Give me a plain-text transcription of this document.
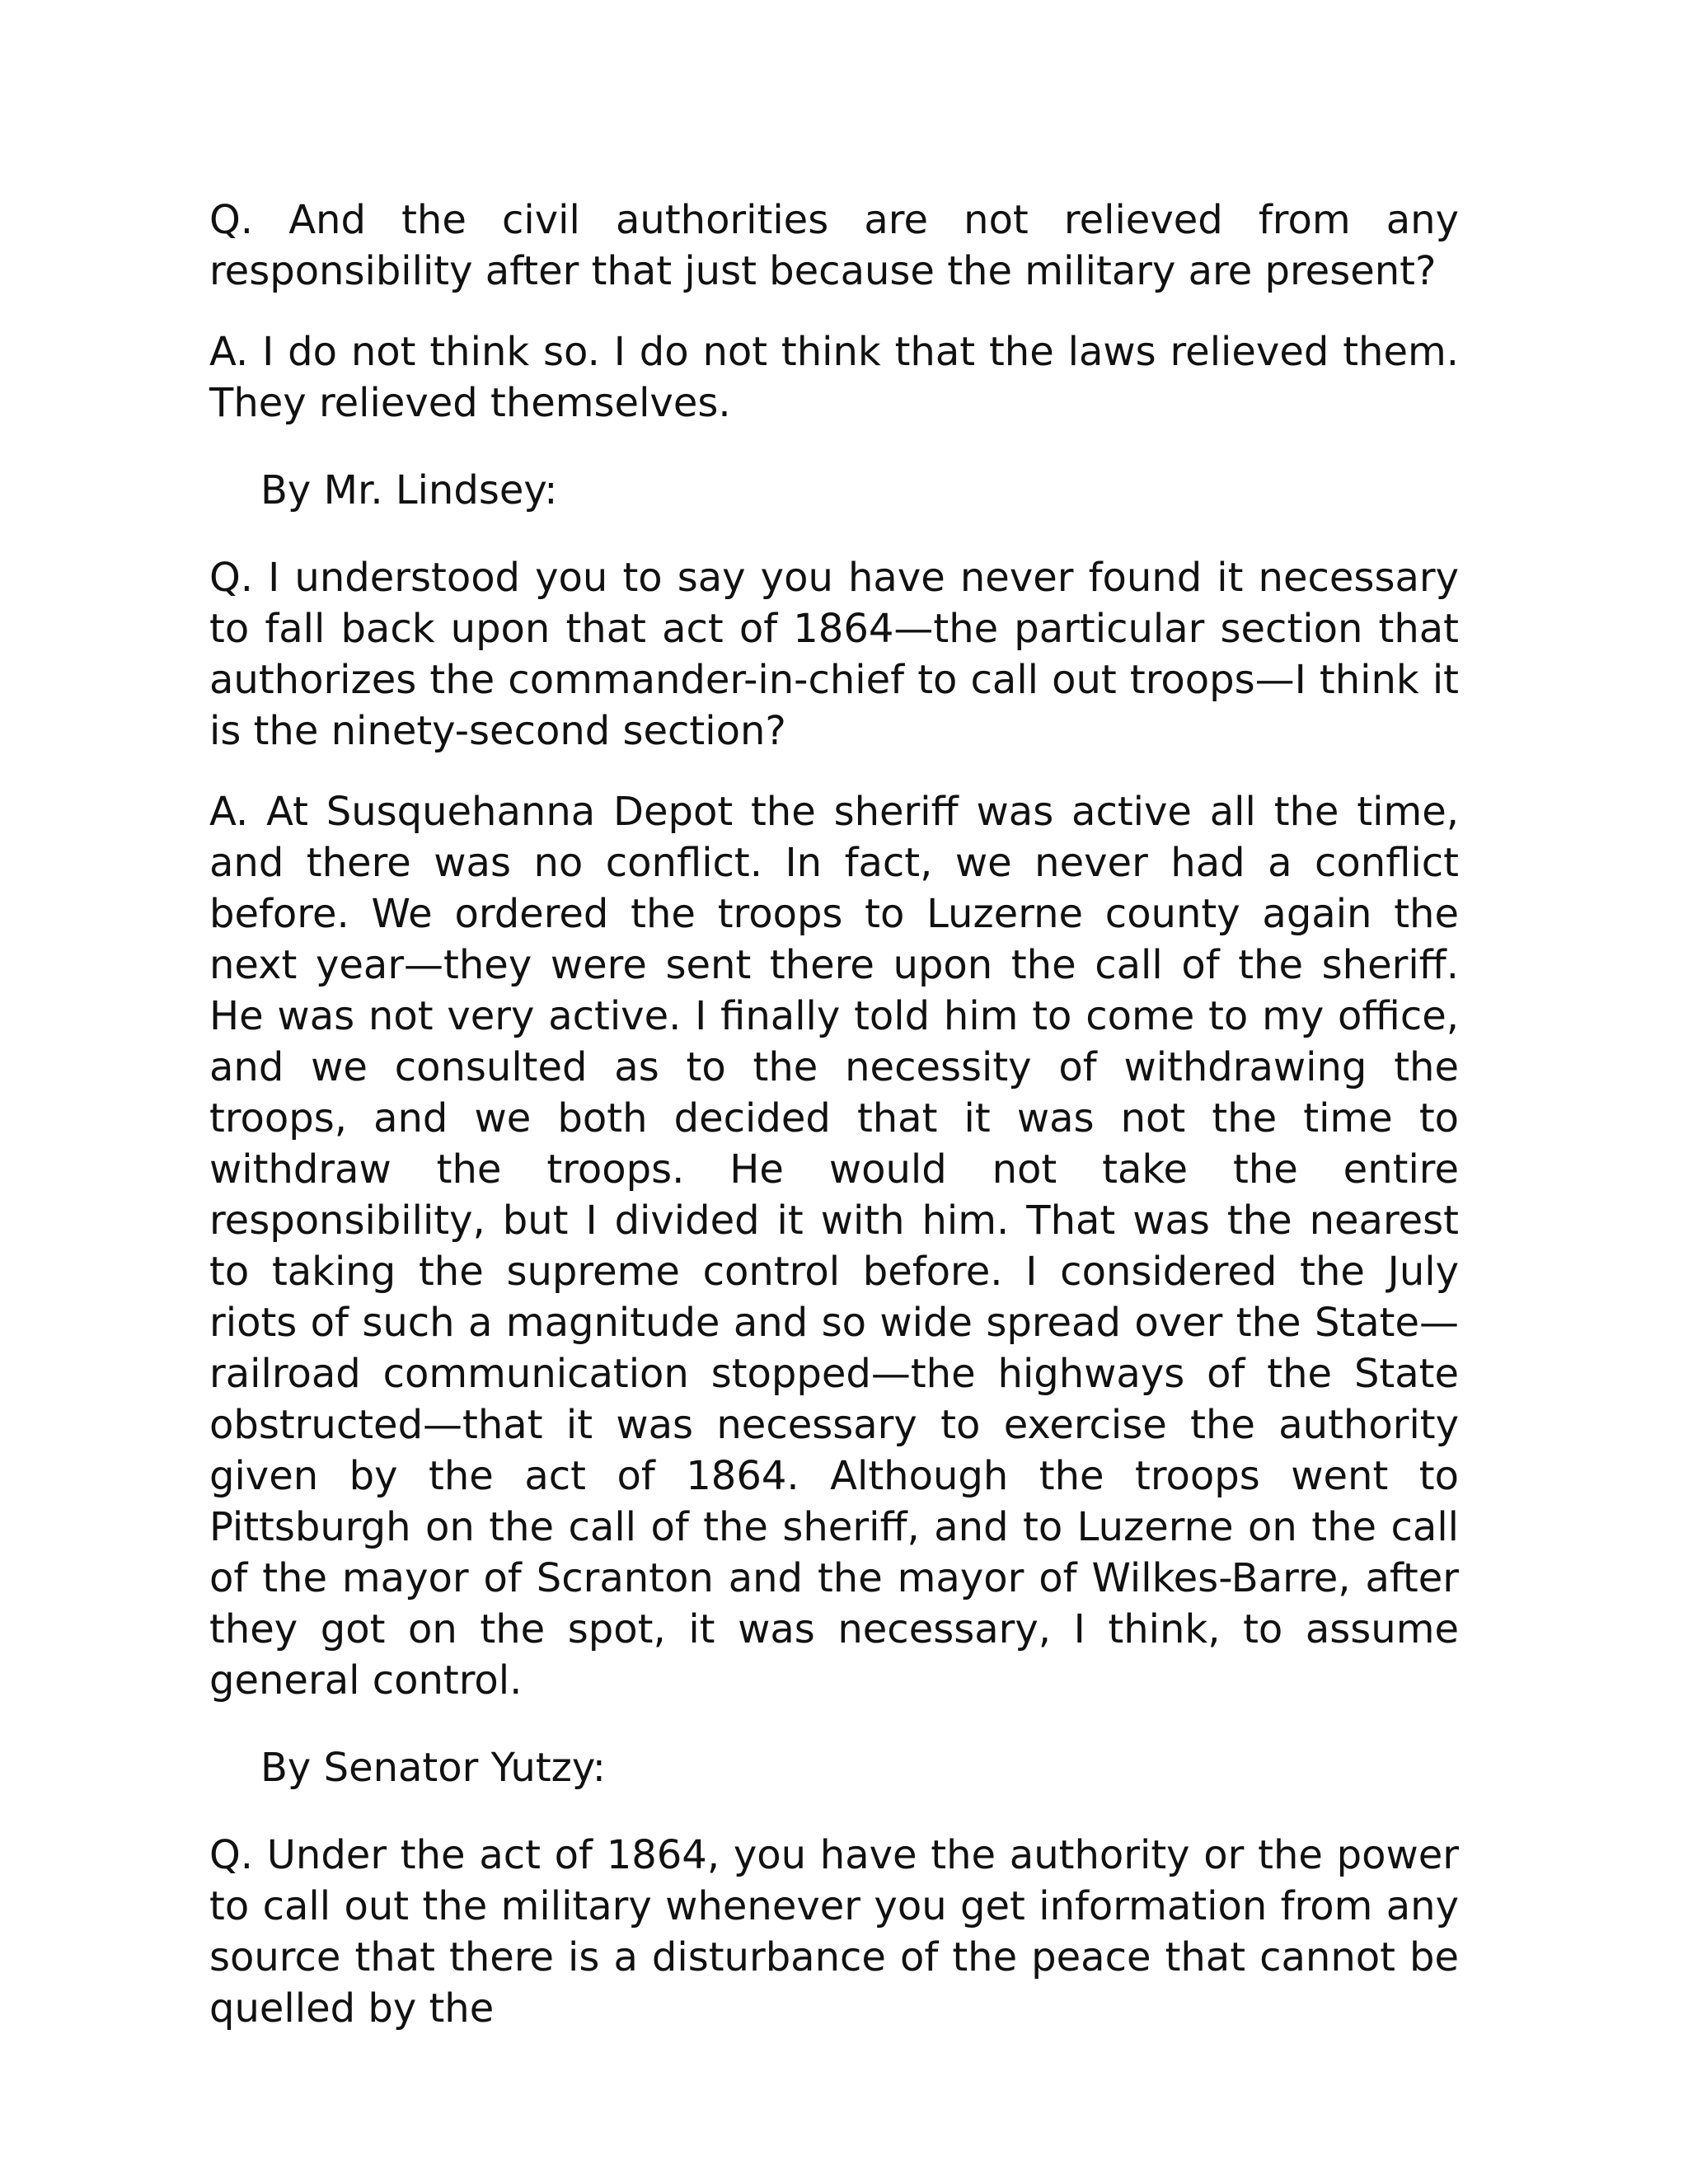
Q. And the civil authorities are not relieved from any responsibility after that just because the military are present?

A. I do not think so. I do not think that the laws relieved them. They relieved themselves.

By Mr. Lindsey:

Q. I understood you to say you have never found it necessary to fall back upon that act of 1864—the particular section that authorizes the commander-in-chief to call out troops—I think it is the ninety-second section?

A. At Susquehanna Depot the sheriff was active all the time, and there was no conflict. In fact, we never had a conflict before. We ordered the troops to Luzerne county again the next year—they were sent there upon the call of the sheriff. He was not very active. I finally told him to come to my office, and we consulted as to the necessity of withdrawing the troops, and we both decided that it was not the time to withdraw the troops. He would not take the entire responsibility, but I divided it with him. That was the nearest to taking the supreme control before. I considered the July riots of such a magnitude and so wide spread over the State—railroad communication stopped—the highways of the State obstructed—that it was necessary to exercise the authority given by the act of 1864. Although the troops went to Pittsburgh on the call of the sheriff, and to Luzerne on the call of the mayor of Scranton and the mayor of Wilkes-Barre, after they got on the spot, it was necessary, I think, to assume general control.

By Senator Yutzy:

Q. Under the act of 1864, you have the authority or the power to call out the military whenever you get information from any source that there is a disturbance of the peace that cannot be quelled by the
